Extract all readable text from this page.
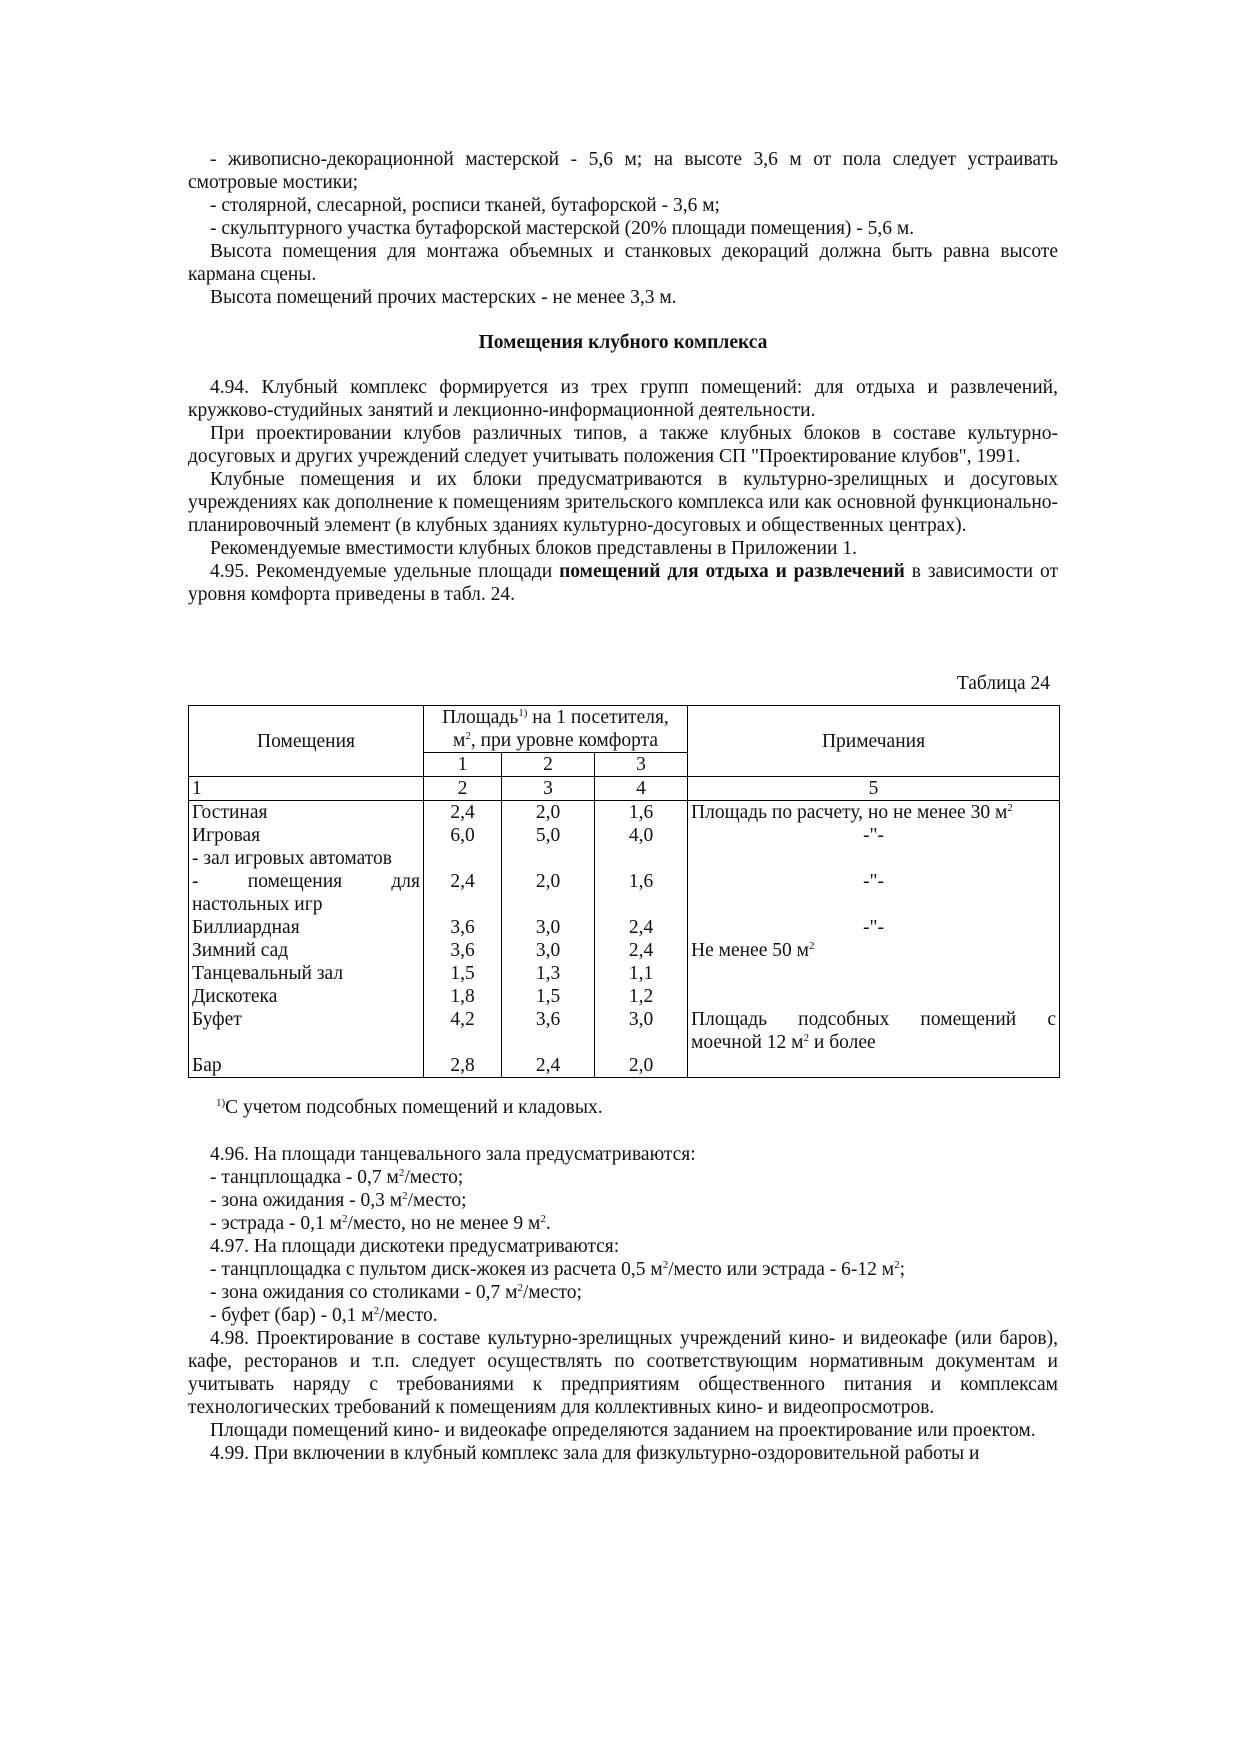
- живописно-декорационной мастерской - 5,6 м; на высоте 3,6 м от пола следует устраивать смотровые мостики;

- столярной, слесарной, росписи тканей, бутафорской - 3,6 м;

- скульптурного участка бутафорской мастерской (20% площади помещения) - 5,6 м.

Высота помещения для монтажа объемных и станковых декораций должна быть равна высоте кармана сцены.

Высота помещений прочих мастерских - не менее 3,3 м.

Помещения клубного комплекса

4.94. Клубный комплекс формируется из трех групп помещений: для отдыха и развлечений, кружково-студийных занятий и лекционно-информационной деятельности.

При проектировании клубов различных типов, а также клубных блоков в составе культурно-досуговых и других учреждений следует учитывать положения СП "Проектирование клубов", 1991.

Клубные помещения и их блоки предусматриваются в культурно-зрелищных и досуговых учреждениях как дополнение к помещениям зрительского комплекса или как основной функционально-планировочный элемент (в клубных зданиях культурно-досуговых и общественных центрах).

Рекомендуемые вместимости клубных блоков представлены в Приложении 1.

4.95. Рекомендуемые удельные площади помещений для отдыха и развлечений в зависимости от уровня комфорта приведены в табл. 24.

Таблица 24

Помещения	Площадь$^{1)}$ на 1 посетителя,
$м^2$, при уровне комфорта			Примечания
	1	2	3	
1	2	3	4	5
Гостиная	2,4	2,0	1,6	Площадь по расчету, но не менее 30 $м^2$
Игровая	6,0	5,0	4,0	-"-
- зал игровых автоматов				

- помещения для
настольных игр	2,4	2,0	1,6	-"-
Биллиардная	3,6	3,0	2,4	-"-
Зимний сад	3,6	3,0	2,4	Не менее 50 $м^2$
Танцевальный зал	1,5	1,3	1,1	
Дискотека	1,8	1,5	1,2	
Буфет	4,2	3,6	3,0	Площадь подсобных помещений с
моечной 12 $м^2$ и более

Бар	2,8	2,4	2,0	

$^{1)}$С учетом подсобных помещений и кладовых.

4.96. На площади танцевального зала предусматриваются:

- танцплощадка - 0,7 $м^2$/место;

- зона ожидания - 0,3 $м^2$/место;

- эстрада - 0,1 $м^2$/место, но не менее 9 $м^2$.

4.97. На площади дискотеки предусматриваются:

- танцплощадка с пультом диск-жокея из расчета 0,5 $м^2$/место или эстрада - 6-12 $м^2$;

- зона ожидания со столиками - 0,7 $м^2$/место;

- буфет (бар) - 0,1 $м^2$/место.

4.98. Проектирование в составе культурно-зрелищных учреждений кино- и видеокафе (или баров), кафе, ресторанов и т.п. следует осуществлять по соответствующим нормативным документам и учитывать наряду с требованиями к предприятиям общественного питания и комплексам технологических требований к помещениям для коллективных кино- и видеопросмотров.

Площади помещений кино- и видеокафе определяются заданием на проектирование или проектом.

4.99. При включении в клубный комплекс зала для физкультурно-оздоровительной работы и
